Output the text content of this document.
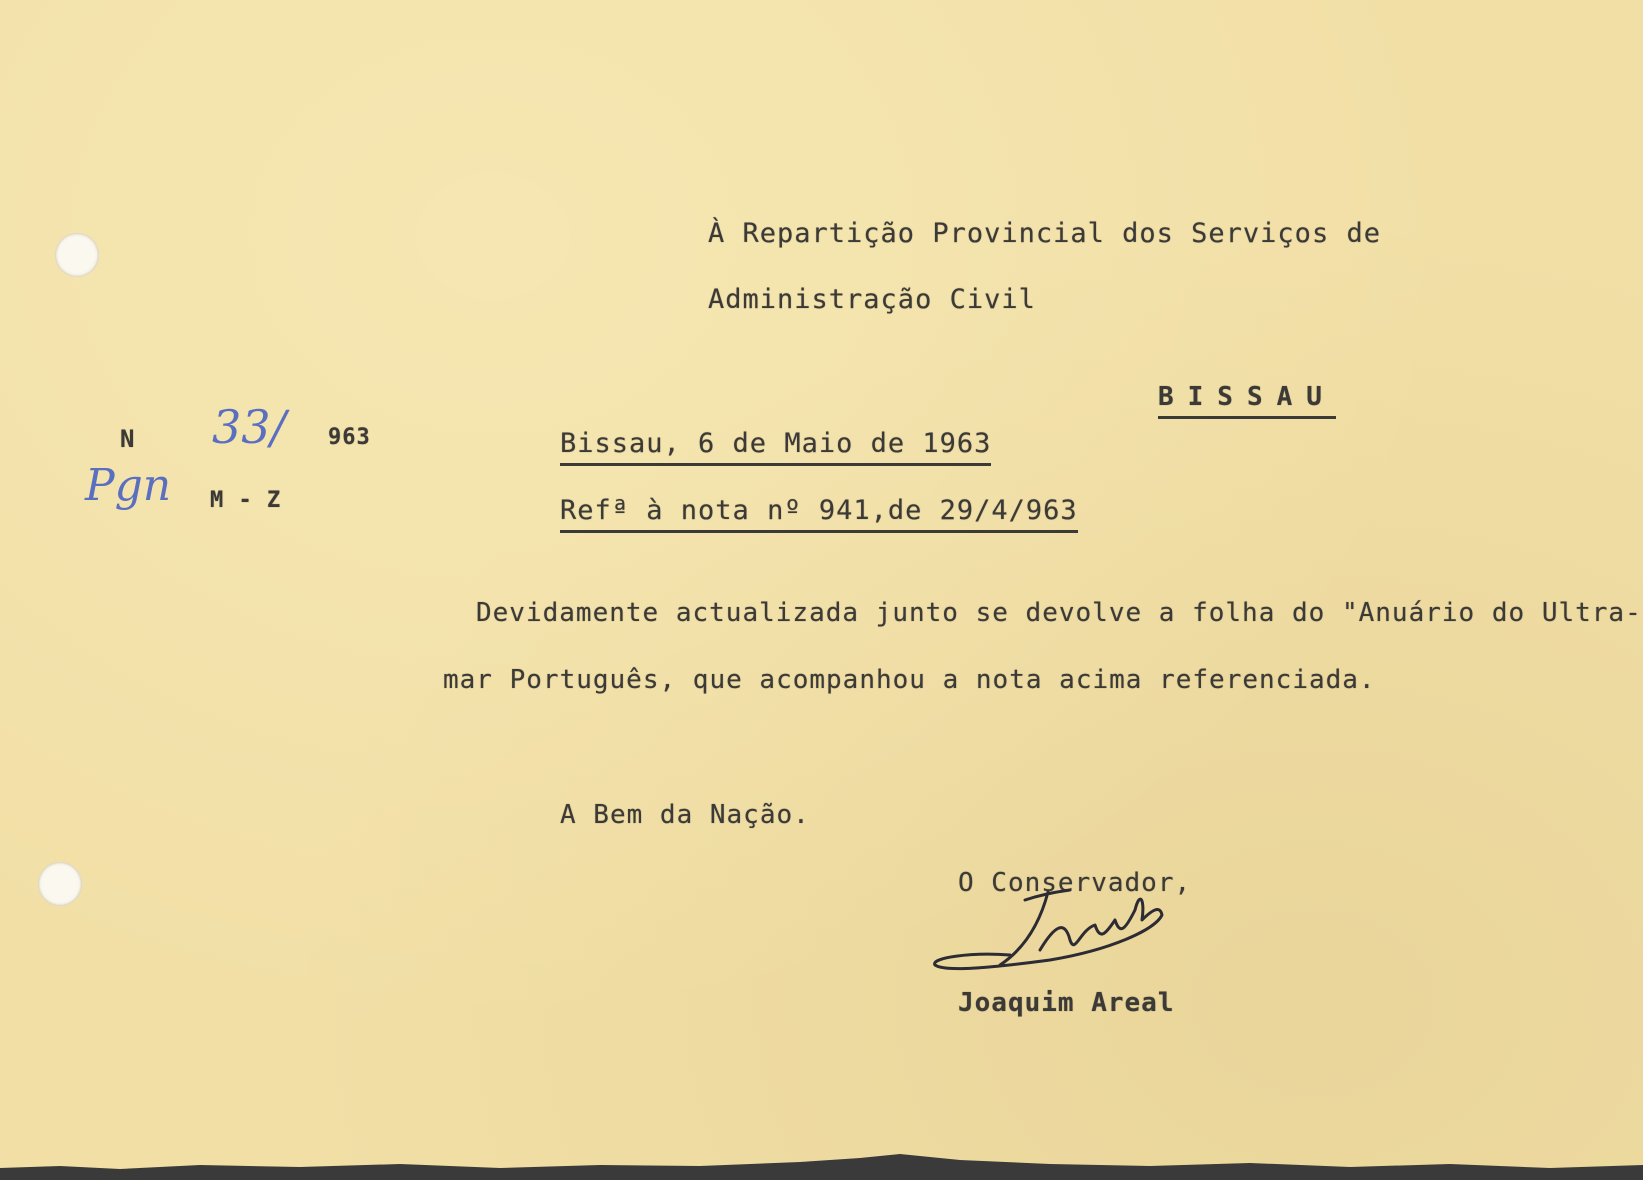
À Repartição Provincial dos Serviços de
Administração Civil
BISSAU
N 33/ 963
Pgn M - Z
Bissau, 6 de Maio de 1963
Refª à nota nº 941,de 29/4/963
Devidamente actualizada junto se devolve a folha do "Anuário do Ultra-
mar Português, que acompanhou a nota acima referenciada.
A Bem da Nação.
O Conservador,
Joaquim Areal
